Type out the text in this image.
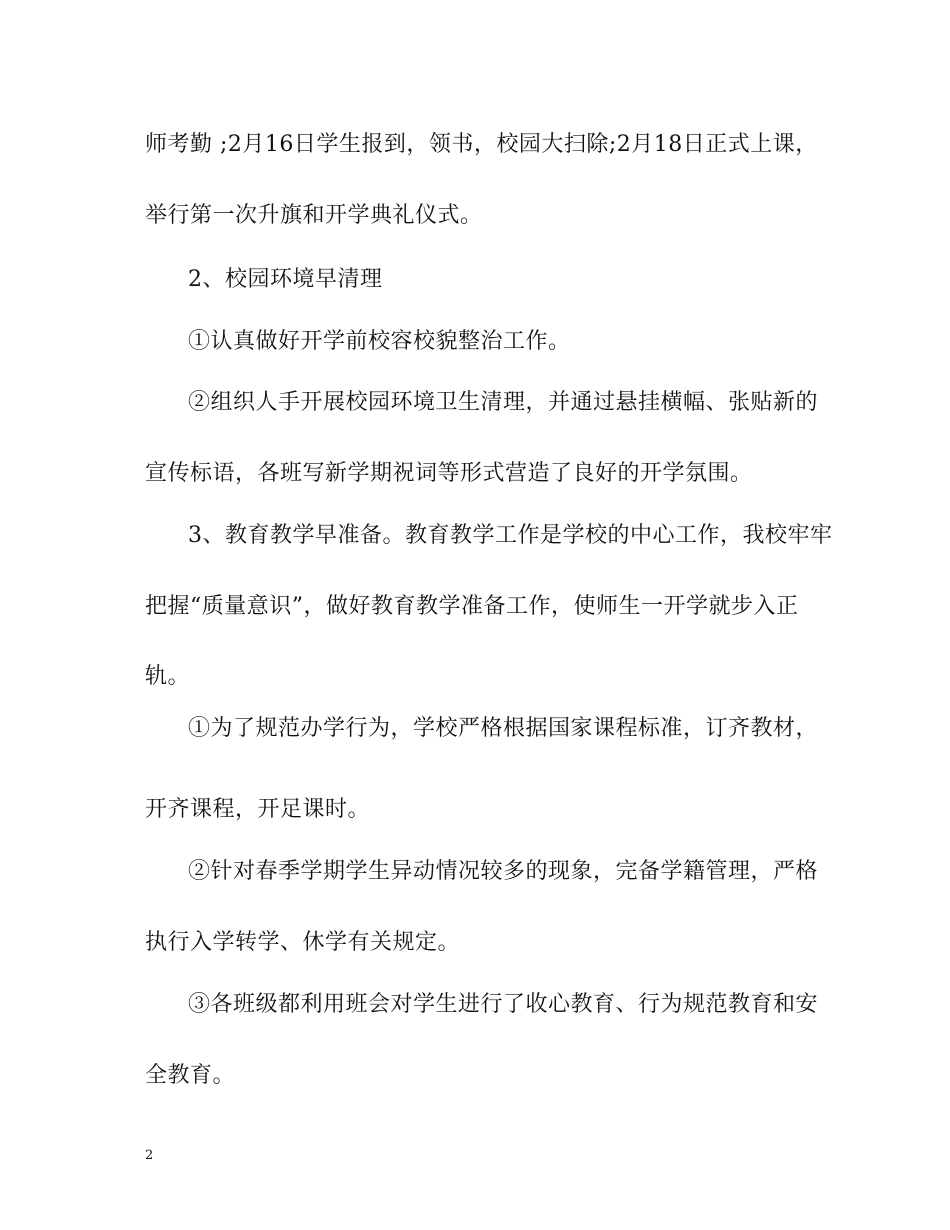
师考勤 ;2月16日学生报到，领书，校园大扫除;2月18日正式上课，
举行第一次升旗和开学典礼仪式。
2、校园环境早清理
①认真做好开学前校容校貌整治工作。
②组织人手开展校园环境卫生清理，并通过悬挂横幅、张贴新的
宣传标语，各班写新学期祝词等形式营造了良好的开学氛围。
3、教育教学早准备。教育教学工作是学校的中心工作，我校牢牢
把握“质量意识”，做好教育教学准备工作，使师生一开学就步入正
轨。
①为了规范办学行为，学校严格根据国家课程标准，订齐教材，
开齐课程，开足课时。
②针对春季学期学生异动情况较多的现象，完备学籍管理，严格
执行入学转学、休学有关规定。
③各班级都利用班会对学生进行了收心教育、行为规范教育和安
全教育。
2
